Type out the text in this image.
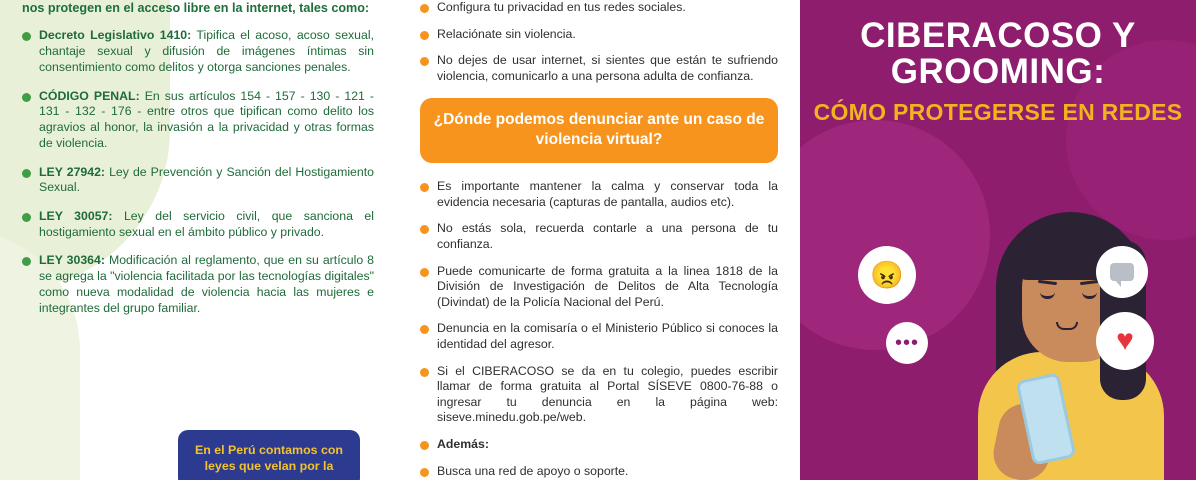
nos protegen en el acceso libre en la internet, tales como:

Decreto Legislativo 1410: Tipifica el acoso, acoso sexual, chantaje sexual y difusión de imágenes íntimas sin consentimiento como delitos y otorga sanciones penales.
CÓDIGO PENAL: En sus artículos 154 - 157 - 130 - 121 - 131 - 132 - 176 - entre otros que tipifican como delito los agravios al honor, la invasión a la privacidad y otras formas de violencia.
LEY 27942: Ley de Prevención y Sanción del Hostigamiento Sexual.
LEY 30057: Ley del servicio civil, que sanciona el hostigamiento sexual en el ámbito público y privado.
LEY 30364: Modificación al reglamento, que en su artículo 8 se agrega la "violencia facilitada por las tecnologías digitales" como nueva modalidad de violencia hacia las mujeres e integrantes del grupo familiar.
En el Perú contamos con leyes que velan por la
Configura tu privacidad en tus redes sociales.
Relaciónate sin violencia.
No dejes de usar internet, si sientes que están te sufriendo violencia, comunicarlo a una persona adulta de confianza.
¿Dónde podemos denunciar ante un caso de violencia virtual?
Es importante mantener la calma y conservar toda la evidencia necesaria (capturas de pantalla, audios etc).
No estás sola, recuerda contarle a una persona de tu confianza.
Puede comunicarte de forma gratuita a la linea 1818 de la División de Investigación de Delitos de Alta Tecnología (Divindat) de la Policía Nacional del Perú.
Denuncia en la comisaría o el Ministerio Público si conoces la identidad del agresor.
Si el CIBERACOSO se da en tu colegio, puedes escribir llamar de forma gratuita al Portal SÍSEVE 0800-76-88 o ingresar tu denuncia en la página web: siseve.minedu.gob.pe/web.
Además:
Busca una red de apoyo o soporte.
CIBERACOSO Y GROOMING:
CÓMO PROTEGERSE EN REDES
😠
•••	♥
